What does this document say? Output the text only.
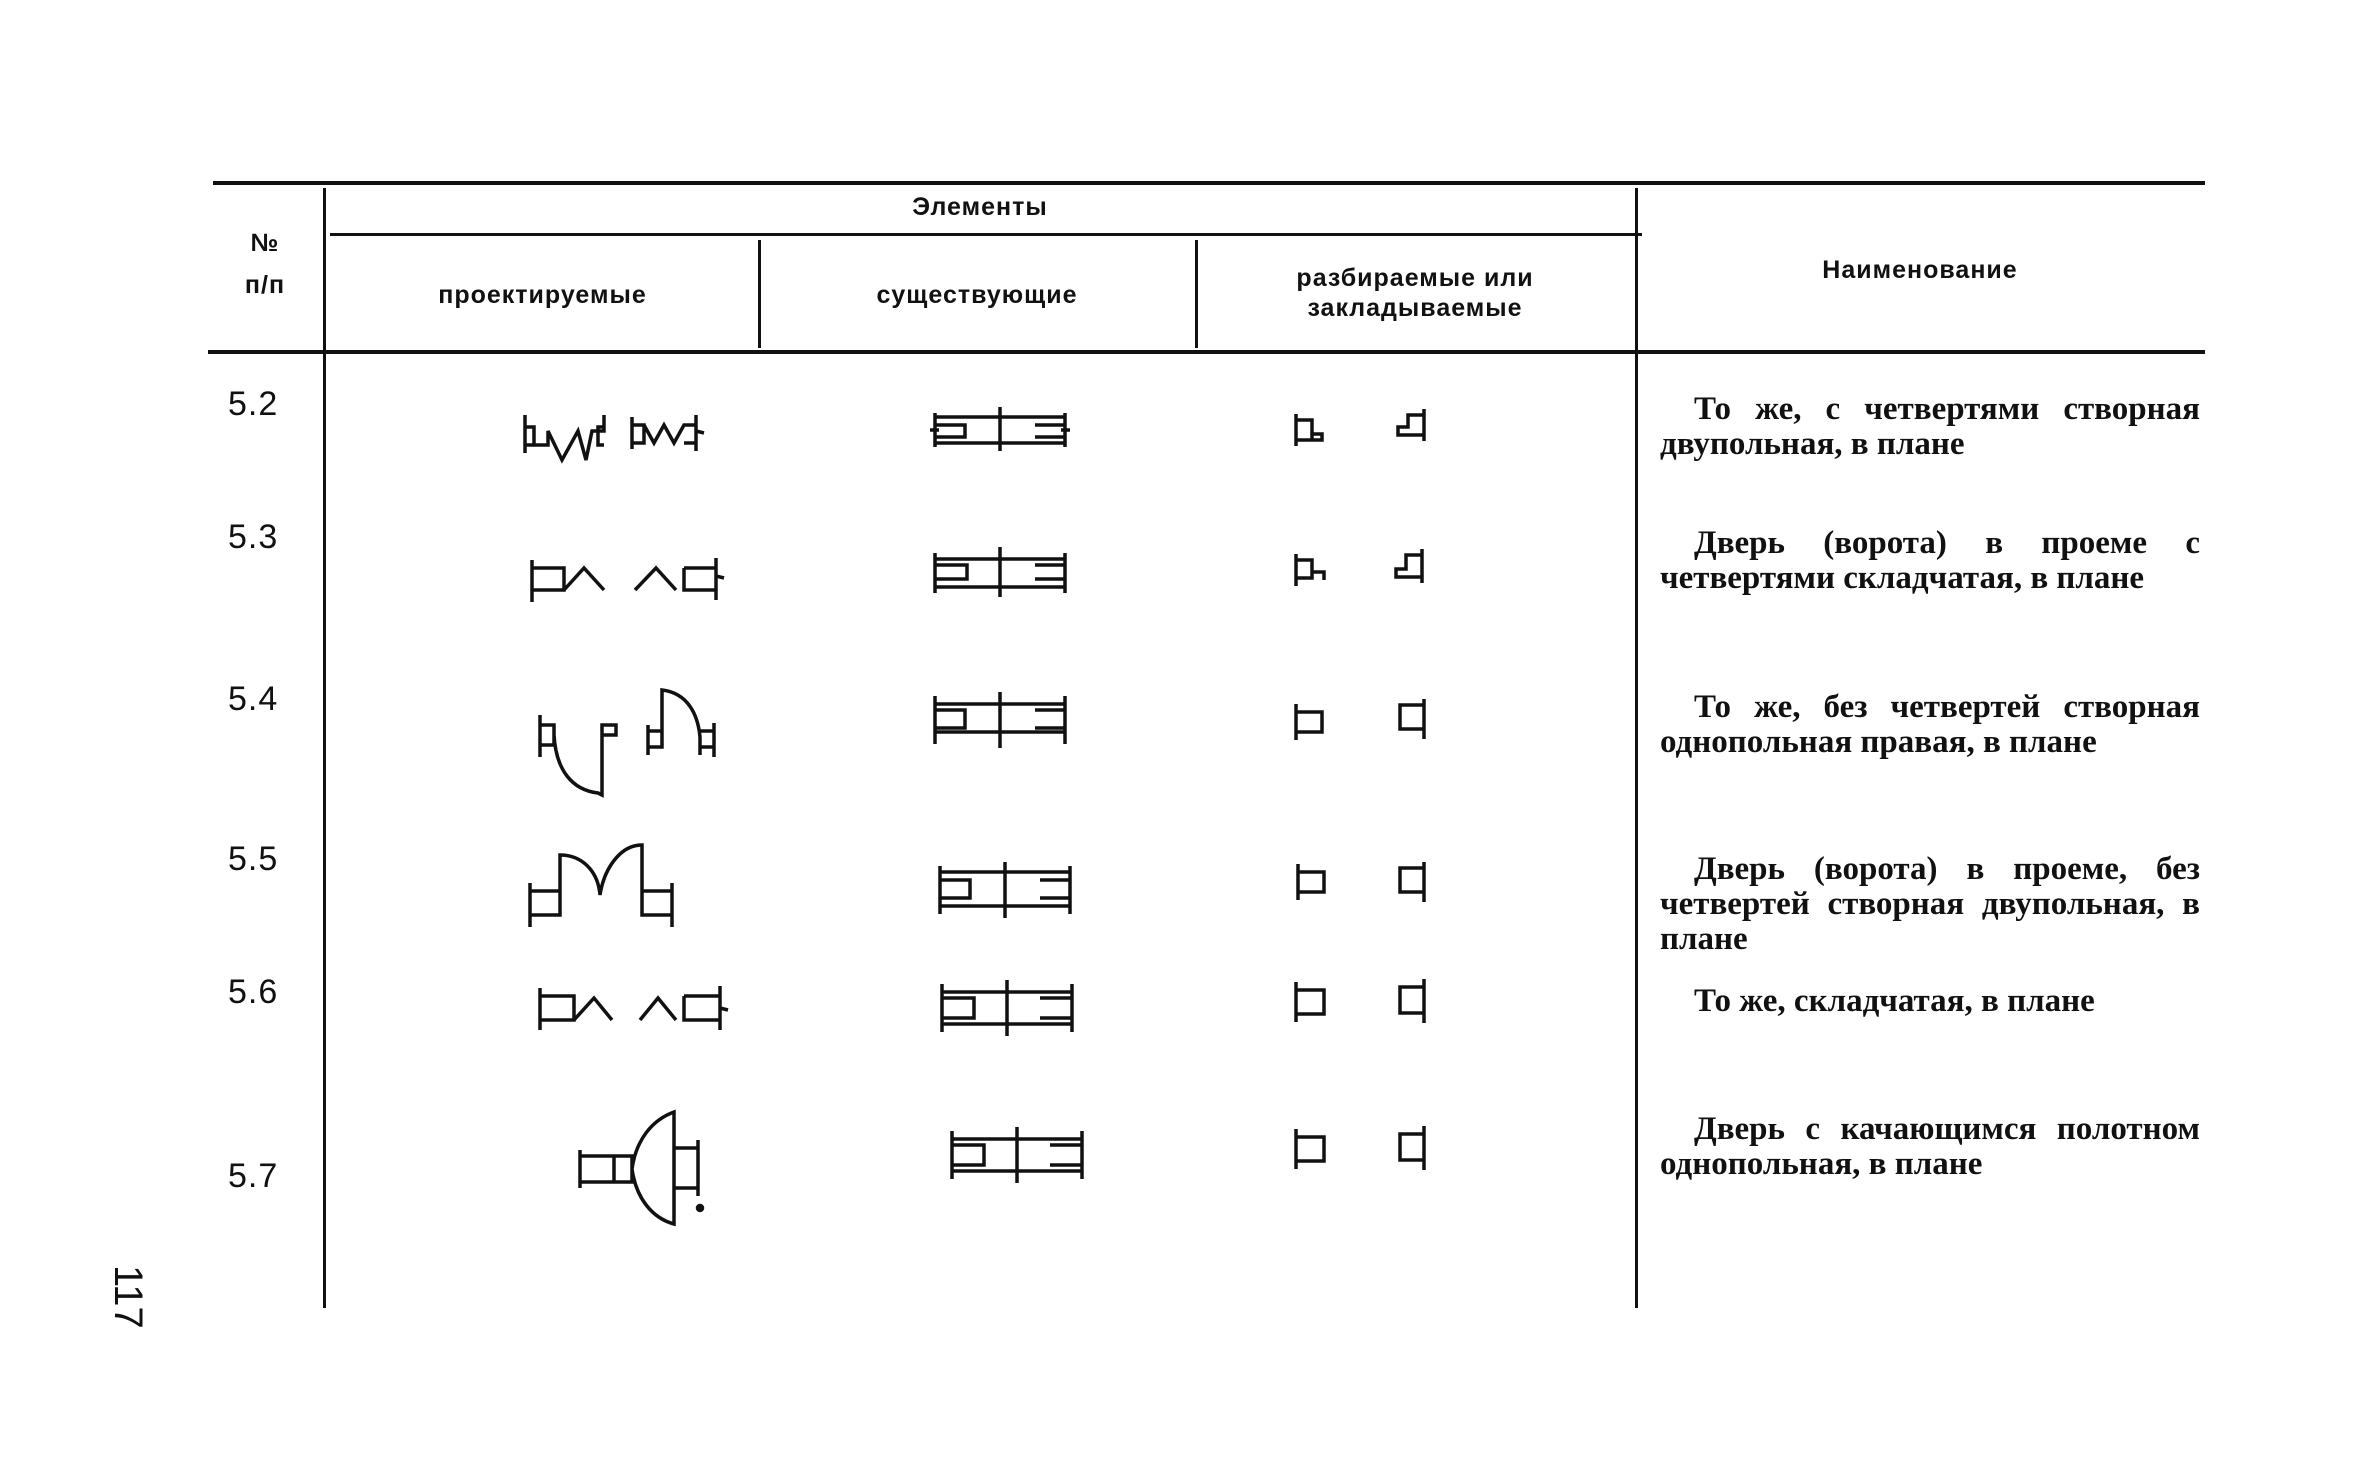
№
п/п
Элементы
проектируемые	существующие
разбираемые или
закладываемые
Наименование
5.2
5.3
5.4
5.5
5.6
5.7
То же, с четвертями створная двупольная, в плане
Дверь (ворота) в проеме с четвертями складчатая, в плане
То же, без четвертей створная однопольная правая, в плане
Дверь (ворота) в проеме, без четвертей створная двупольная, в плане
То же, складчатая, в плане
Дверь с качающимся полотном однопольная, в плане
117
